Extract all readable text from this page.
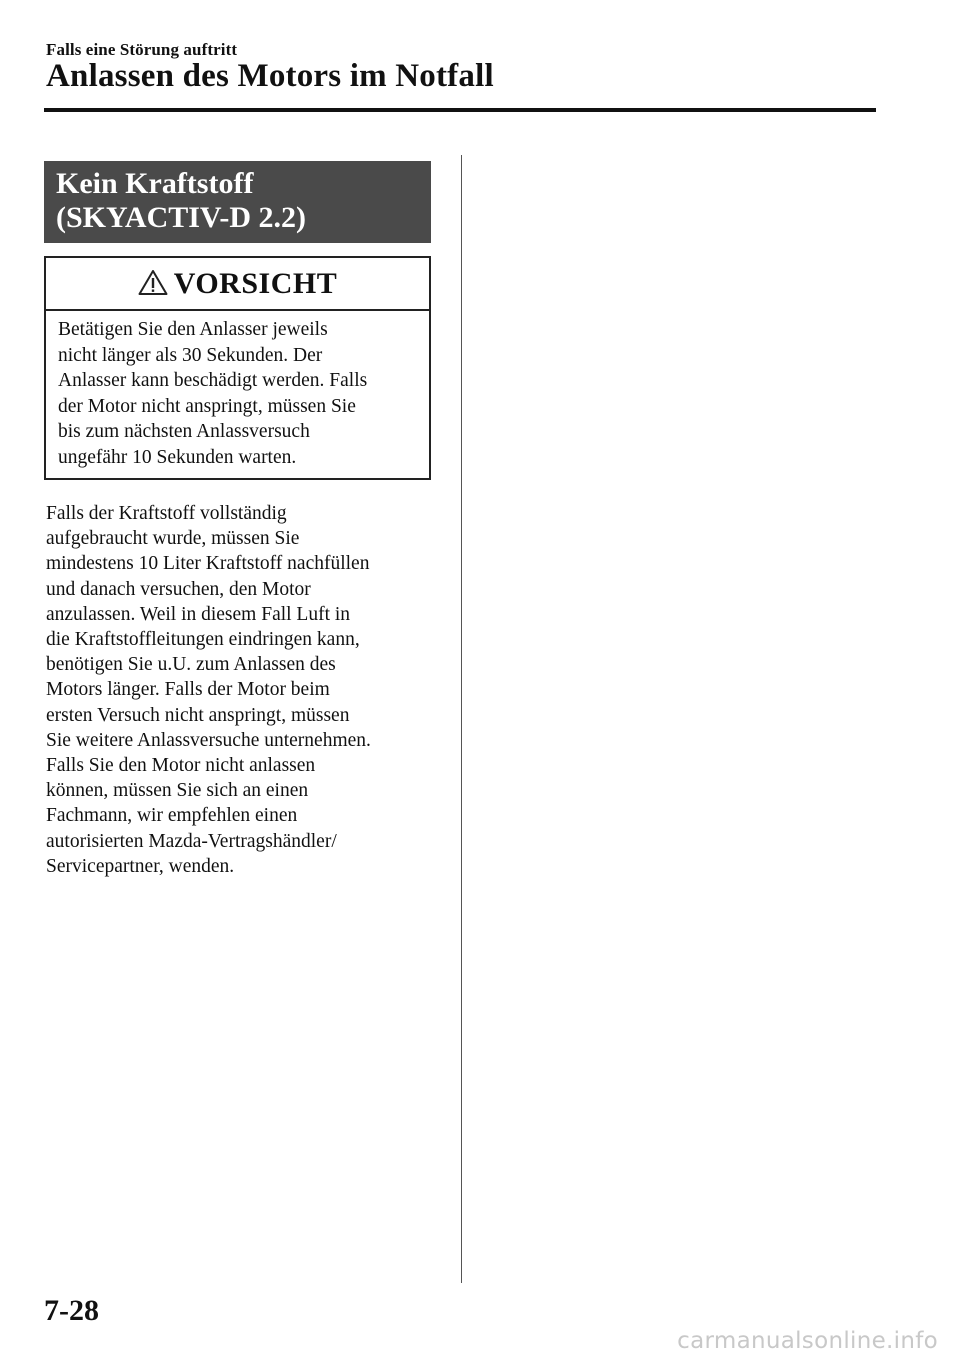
Falls eine Störung auftritt
Anlassen des Motors im Notfall
Kein Kraftstoff
(SKYACTIV-D 2.2)
VORSICHT
Betätigen Sie den Anlasser jeweils
nicht länger als 30 Sekunden. Der
Anlasser kann beschädigt werden. Falls
der Motor nicht anspringt, müssen Sie
bis zum nächsten Anlassversuch
ungefähr 10 Sekunden warten.
Falls der Kraftstoff vollständig
aufgebraucht wurde, müssen Sie
mindestens 10 Liter Kraftstoff nachfüllen
und danach versuchen, den Motor
anzulassen. Weil in diesem Fall Luft in
die Kraftstoffleitungen eindringen kann,
benötigen Sie u.U. zum Anlassen des
Motors länger. Falls der Motor beim
ersten Versuch nicht anspringt, müssen
Sie weitere Anlassversuche unternehmen.
Falls Sie den Motor nicht anlassen
können, müssen Sie sich an einen
Fachmann, wir empfehlen einen
autorisierten Mazda-Vertragshändler/
Servicepartner, wenden.
7-28
carmanualsonline.info
